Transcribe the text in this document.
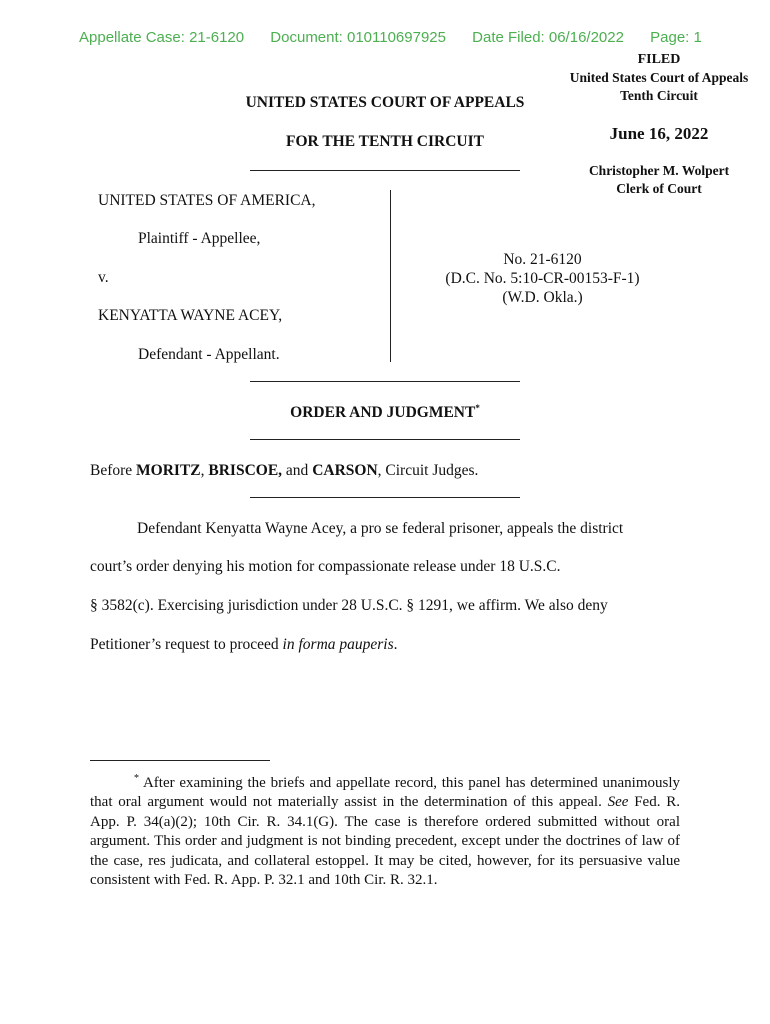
Appellate Case: 21-6120 Document: 010110697925 Date Filed: 06/16/2022 Page: 1
FILED
United States Court of Appeals
Tenth Circuit
June 16, 2022
Christopher M. Wolpert
Clerk of Court
UNITED STATES COURT OF APPEALS
FOR THE TENTH CIRCUIT
UNITED STATES OF AMERICA,
Plaintiff - Appellee,
v.
KENYATTA WAYNE ACEY,
Defendant - Appellant.
No. 21-6120
(D.C. No. 5:10-CR-00153-F-1)
(W.D. Okla.)
ORDER AND JUDGMENT*
Before MORITZ, BRISCOE, and CARSON, Circuit Judges.
Defendant Kenyatta Wayne Acey, a pro se federal prisoner, appeals the district
court’s order denying his motion for compassionate release under 18 U.S.C.
§ 3582(c). Exercising jurisdiction under 28 U.S.C. § 1291, we affirm. We also deny
Petitioner’s request to proceed in forma pauperis.
* After examining the briefs and appellate record, this panel has determined unanimously that oral argument would not materially assist in the determination of this appeal. See Fed. R. App. P. 34(a)(2); 10th Cir. R. 34.1(G). The case is therefore ordered submitted without oral argument. This order and judgment is not binding precedent, except under the doctrines of law of the case, res judicata, and collateral estoppel. It may be cited, however, for its persuasive value consistent with Fed. R. App. P. 32.1 and 10th Cir. R. 32.1.
